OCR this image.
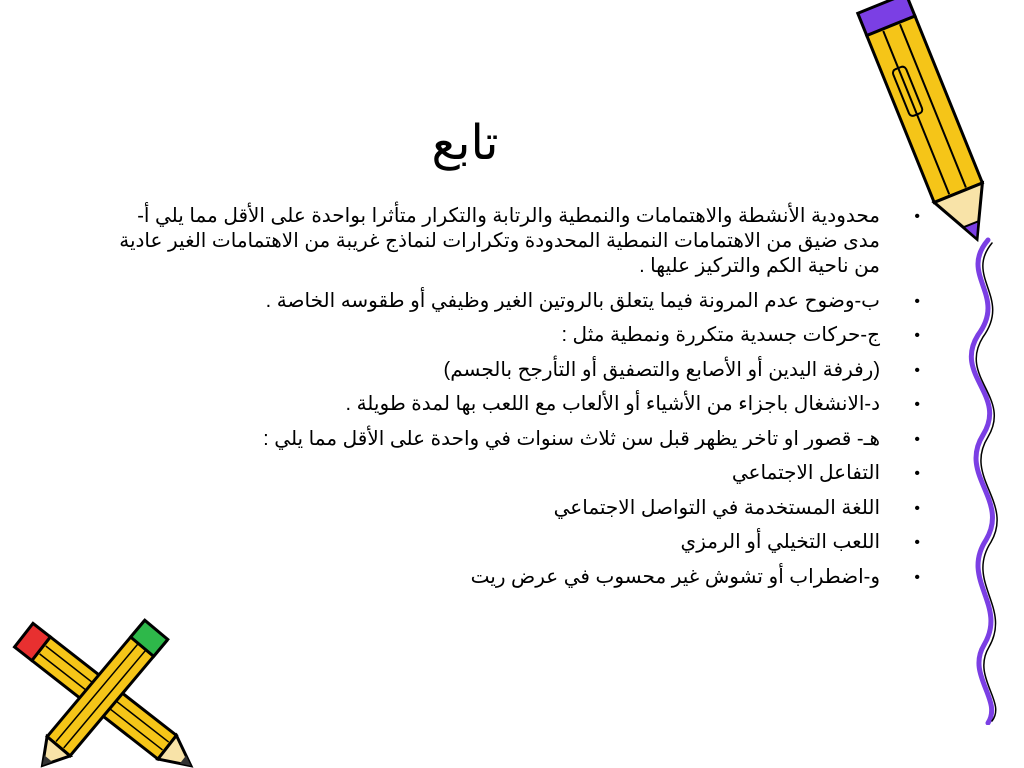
تابع
•
محدودية الأنشطة والاهتمامات والنمطية والرتابة والتكرار متأثرا بواحدة على الأقل مما يلي أ-مدى ضيق من الاهتمامات النمطية المحدودة وتكرارات لنماذج غريبة من الاهتمامات الغير عادية من ناحية الكم والتركيز عليها .
•
ب-وضوح عدم المرونة فيما يتعلق بالروتين الغير وظيفي أو طقوسه الخاصة .
•
ج-حركات جسدية متكررة ونمطية مثل :
•
(رفرفة اليدين أو الأصابع والتصفيق أو التأرجح بالجسم)
•
د-الانشغال باجزاء من الأشياء أو الألعاب مع اللعب بها لمدة طويلة .
•
هـ- قصور او تاخر يظهر قبل سن ثلاث سنوات في واحدة على الأقل مما يلي :
•
التفاعل الاجتماعي
•
اللغة المستخدمة في التواصل الاجتماعي
•
اللعب التخيلي أو الرمزي
•
و-اضطراب أو تشوش غير محسوب في عرض ريت
